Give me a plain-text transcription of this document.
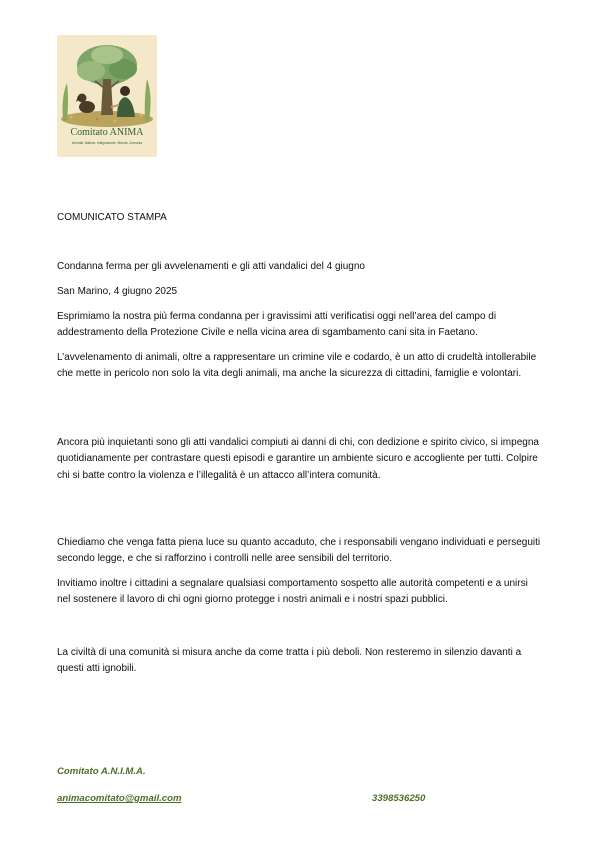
Comitato ANIMA
Animali, Natura, Integrazione, Mondo, Armonia

COMUNICATO STAMPA

Condanna ferma per gli avvelenamenti e gli atti vandalici del 4 giugno

San Marino, 4 giugno 2025

Esprimiamo la nostra più ferma condanna per i gravissimi atti verificatisi oggi nell’area del campo di addestramento della Protezione Civile e nella vicina area di sgambamento cani sita in Faetano.

L’avvelenamento di animali, oltre a rappresentare un crimine vile e codardo, è un atto di crudeltà intollerabile che mette in pericolo non solo la vita degli animali, ma anche la sicurezza di cittadini, famiglie e volontari.

Ancora più inquietanti sono gli atti vandalici compiuti ai danni di chi, con dedizione e spirito civico, si impegna quotidianamente per contrastare questi episodi e garantire un ambiente sicuro e accogliente per tutti. Colpire chi si batte contro la violenza e l’illegalità è un attacco all’intera comunità.

Chiediamo che venga fatta piena luce su quanto accaduto, che i responsabili vengano individuati e perseguiti secondo legge, e che si rafforzino i controlli nelle aree sensibili del territorio.

Invitiamo inoltre i cittadini a segnalare qualsiasi comportamento sospetto alle autorità competenti e a unirsi nel sostenere il lavoro di chi ogni giorno protegge i nostri animali e i nostri spazi pubblici.

La civiltà di una comunità si misura anche da come tratta i più deboli. Non resteremo in silenzio davanti a questi atti ignobili.

Comitato A.N.I.M.A.
animacomitato@gmail.com	3398536250
